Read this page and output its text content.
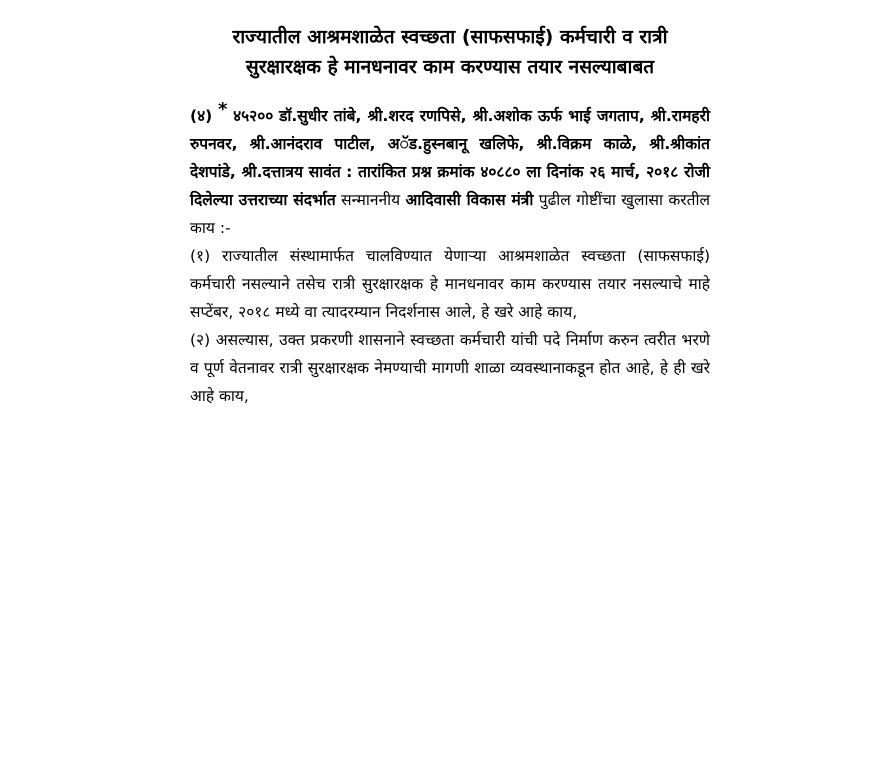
राज्यातील आश्रमशाळेत स्वच्छता (साफसफाई) कर्मचारी व रात्री
सुरक्षारक्षक हे मानधनावर काम करण्यास तयार नसल्याबाबत

(४) * ४५२०० डॉ.सुधीर तांबे, श्री.शरद रणपिसे, श्री.अशोक ऊर्फ भाई जगताप, श्री.रामहरी रुपनवर, श्री.आनंदराव पाटील, अॅड.हुस्नबानू खलिफे, श्री.विक्रम काळे, श्री.श्रीकांत देशपांडे, श्री.दत्तात्रय सावंत : तारांकित प्रश्न क्रमांक ४०८८० ला दिनांक २६ मार्च, २०१८ रोजी दिलेल्या उत्तराच्या संदर्भात सन्माननीय आदिवासी विकास मंत्री पुढील गोष्टींचा खुलासा करतील काय :-

(१) राज्यातील संस्थामार्फत चालविण्यात येणाऱ्या आश्रमशाळेत स्वच्छता (साफसफाई) कर्मचारी नसल्याने तसेच रात्री सुरक्षारक्षक हे मानधनावर काम करण्यास तयार नसल्याचे माहे सप्टेंबर, २०१८ मध्ये वा त्यादरम्यान निदर्शनास आले, हे खरे आहे काय,

(२) असल्यास, उक्त प्रकरणी शासनाने स्वच्छता कर्मचारी यांची पदे निर्माण करुन त्वरीत भरणे व पूर्ण वेतनावर रात्री सुरक्षारक्षक नेमण्याची मागणी शाळा व्यवस्थानाकडून होत आहे, हे ही खरे आहे काय,
